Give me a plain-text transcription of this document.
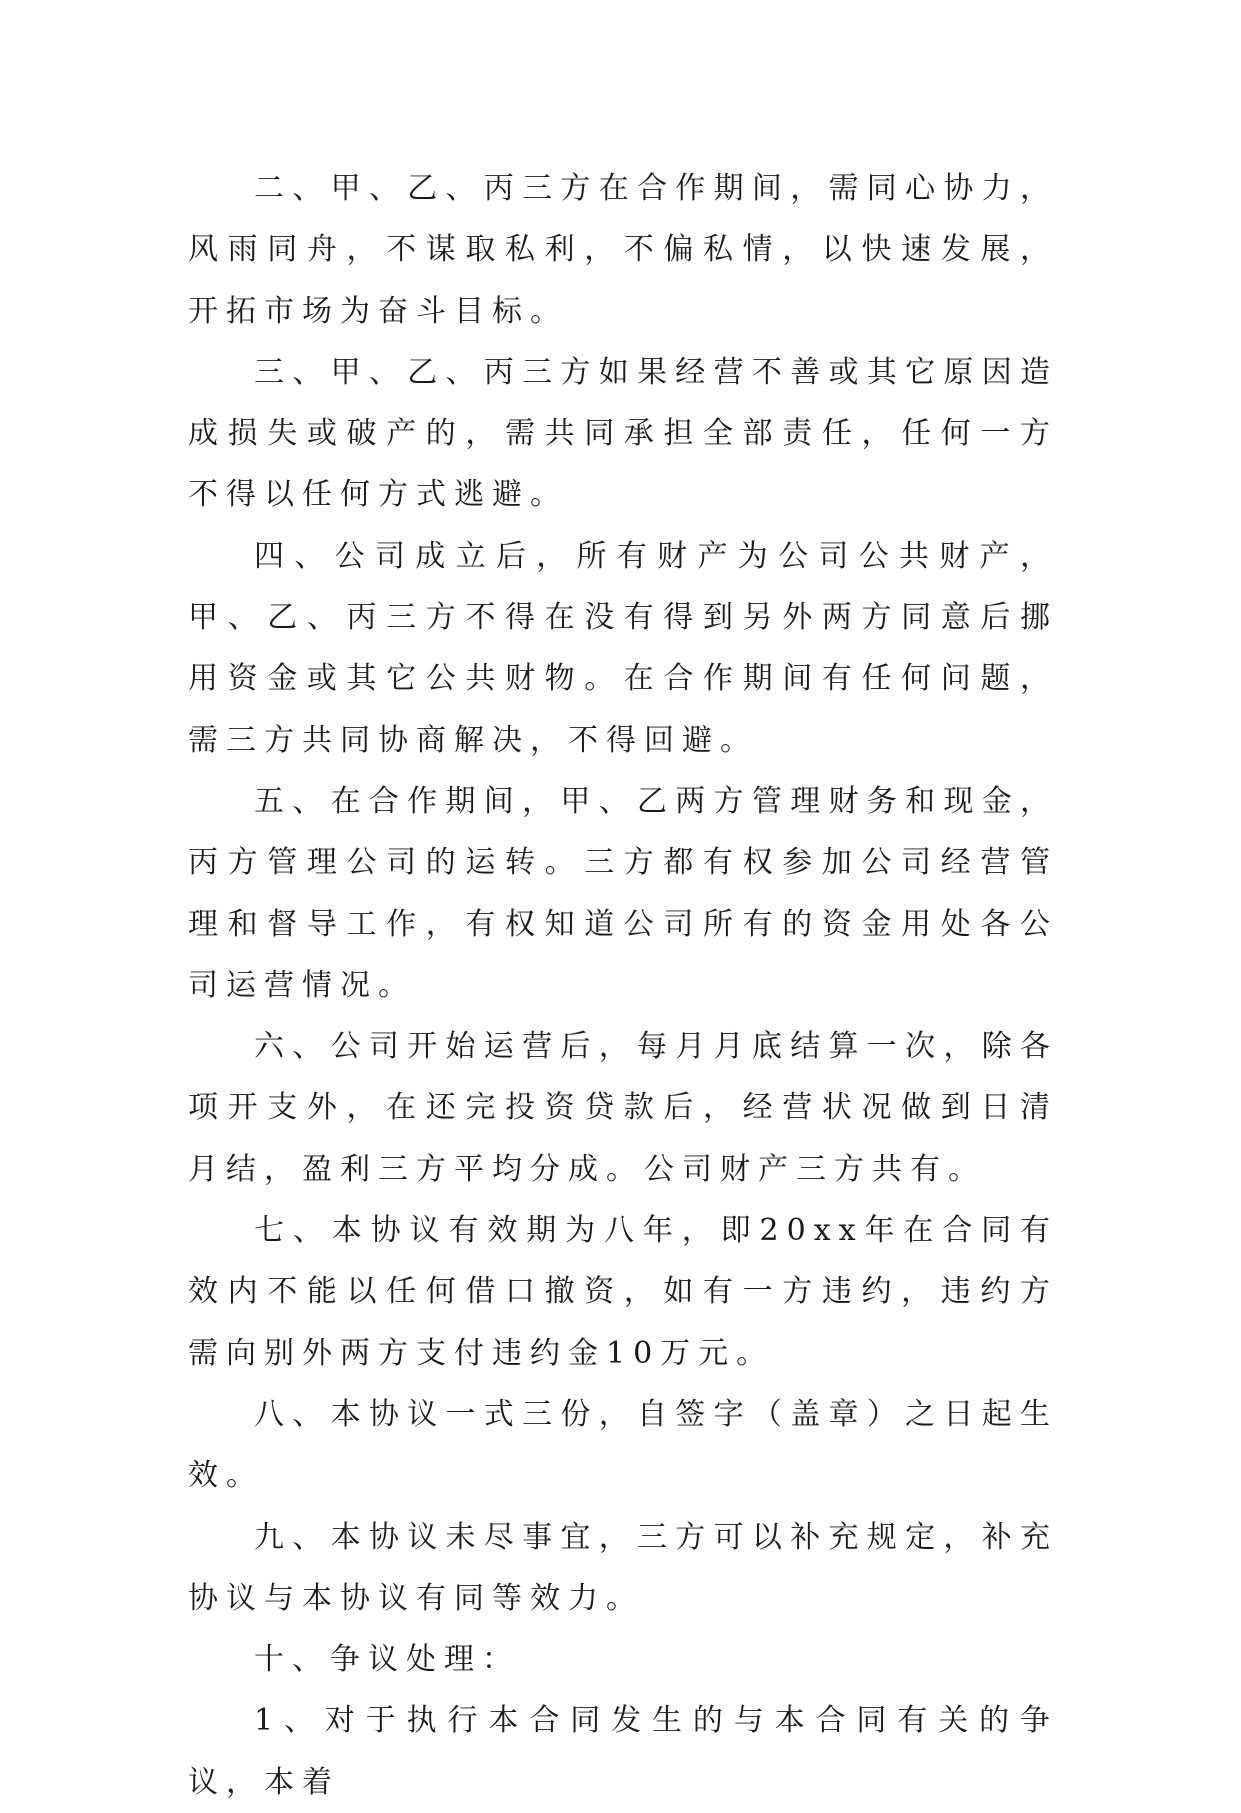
二、甲、乙、丙三方在合作期间，需同心协力，风雨同舟，不谋取私利，不偏私情，以快速发展，开拓市场为奋斗目标。

三、甲、乙、丙三方如果经营不善或其它原因造成损失或破产的，需共同承担全部责任，任何一方不得以任何方式逃避。

四、公司成立后，所有财产为公司公共财产，甲、乙、丙三方不得在没有得到另外两方同意后挪用资金或其它公共财物。在合作期间有任何问题，需三方共同协商解决，不得回避。

五、在合作期间，甲、乙两方管理财务和现金，丙方管理公司的运转。三方都有权参加公司经营管理和督导工作，有权知道公司所有的资金用处各公司运营情况。

六、公司开始运营后，每月月底结算一次，除各项开支外，在还完投资贷款后，经营状况做到日清月结，盈利三方平均分成。公司财产三方共有。

七、本协议有效期为八年，即20xx年在合同有效内不能以任何借口撤资，如有一方违约，违约方需向别外两方支付违约金10万元。

八、本协议一式三份，自签字（盖章）之日起生效。

九、本协议未尽事宜，三方可以补充规定，补充协议与本协议有同等效力。

十、争议处理：

1、对于执行本合同发生的与本合同有关的争议，本着
